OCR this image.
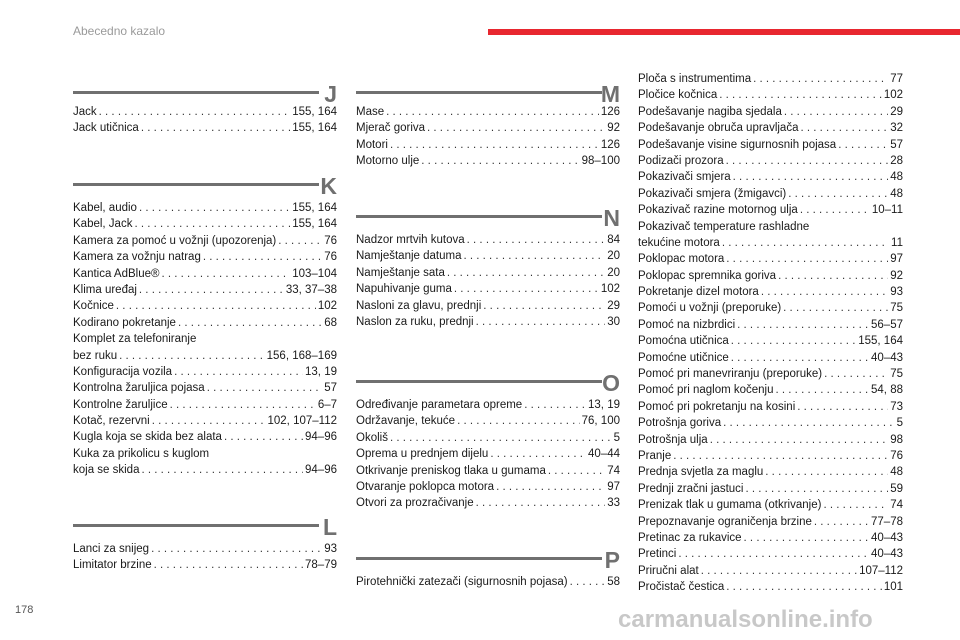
Abecedno kazalo
J
Jack . . .	155, 164
Jack utičnica . . .	155, 164
K
Kabel, audio . . .	155, 164
Kabel, Jack . . .	155, 164
Kamera za pomoć u vožnji (upozorenja) . . .	76
Kamera za vožnju natrag . . .	76
Kantica AdBlue® . . .	103–104
Klima uređaj . . .	33, 37–38
Kočnice . . .	102
Kodirano pokretanje . . .	68
Komplet za telefoniranje
bez ruku . . .	156, 168–169
Konfiguracija vozila . . .	13, 19
Kontrolna žaruljica pojasa . . .	57
Kontrolne žaruljice . . .	6–7
Kotač, rezervni . . .	102, 107–112
Kugla koja se skida bez alata . . .	94–96
Kuka za prikolicu s kuglom
koja se skida . . .	94–96
L
Lanci za snijeg . . .	93
Limitator brzine . . .	78–79
M
Mase . . .	126
Mjerač goriva . . .	92
Motori . . .	126
Motorno ulje . . .	98–100
N
Nadzor mrtvih kutova . . .	84
Namještanje datuma . . .	20
Namještanje sata . . .	20
Napuhivanje guma . . .	102
Nasloni za glavu, prednji . . .	29
Naslon za ruku, prednji . . .	30
O
Određivanje parametara opreme . . .	13, 19
Održavanje, tekuće . . .	76, 100
Okoliš . . .	5
Oprema u prednjem dijelu . . .	40–44
Otkrivanje preniskog tlaka u gumama . . .	74
Otvaranje poklopca motora . . .	97
Otvori za prozračivanje . . .	33
P
Pirotehnički zatezači (sigurnosnih pojasa) . . .	58
Ploča s instrumentima . . .	77
Pločice kočnica . . .	102
Podešavanje nagiba sjedala . . .	29
Podešavanje obruča upravljača . . .	32
Podešavanje visine sigurnosnih pojasa . . .	57
Podizači prozora . . .	28
Pokazivači smjera . . .	48
Pokazivači smjera (žmigavci) . . .	48
Pokazivač razine motornog ulja . . .	10–11
Pokazivač temperature rashladne
tekućine motora . . .	11
Poklopac motora . . .	97
Poklopac spremnika goriva . . .	92
Pokretanje dizel motora . . .	93
Pomoći u vožnji (preporuke) . . .	75
Pomoć na nizbrdici . . .	56–57
Pomoćna utičnica . . .	155, 164
Pomoćne utičnice . . .	40–43
Pomoć pri manevriranju (preporuke) . . .	75
Pomoć pri naglom kočenju . . .	54, 88
Pomoć pri pokretanju na kosini . . .	73
Potrošnja goriva . . .	5
Potrošnja ulja . . .	98
Pranje . . .	76
Prednja svjetla za maglu . . .	48
Prednji zračni jastuci . . .	59
Prenizak tlak u gumama (otkrivanje) . . .	74
Prepoznavanje ograničenja brzine . . .	77–78
Pretinac za rukavice . . .	40–43
Pretinci . . .	40–43
Priručni alat . . .	107–112
Pročistač čestica . . .	101
178	carmanualsonline.info
